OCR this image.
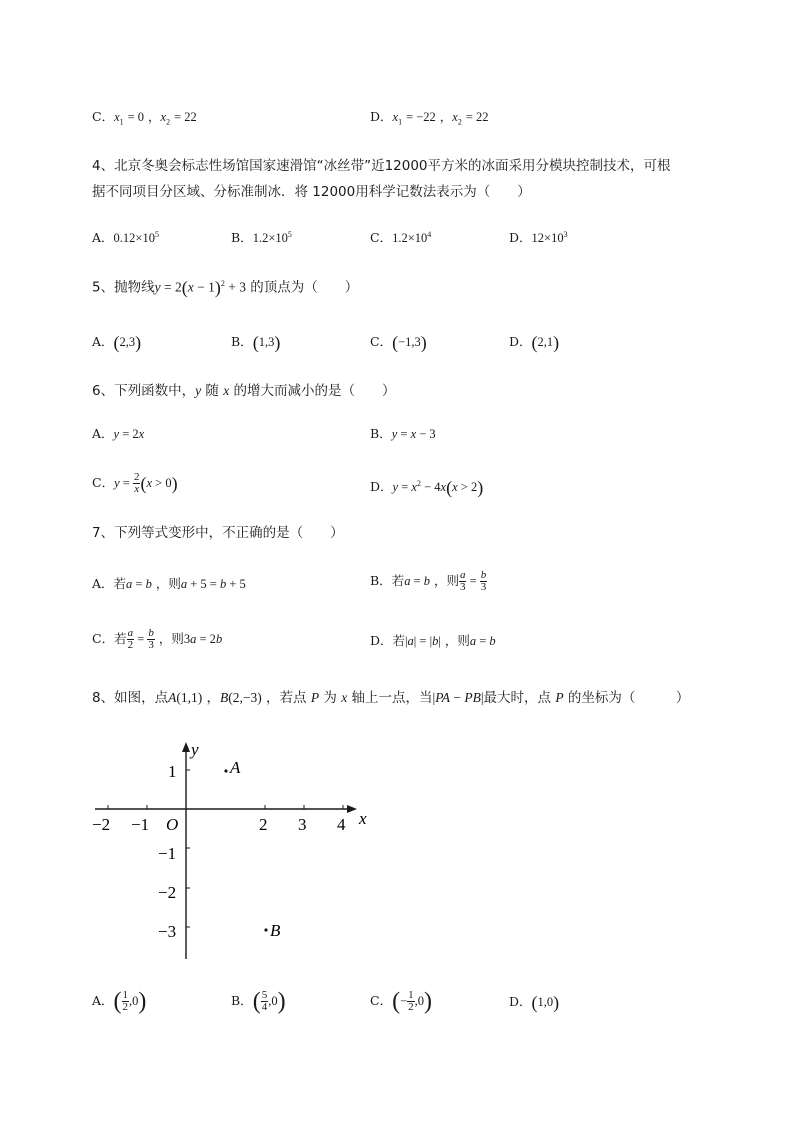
C．$x_1 = 0$ ，$x_2 = 22$	D．$x_1 = -22$ ，$x_2 = 22$
4、北京冬奥会标志性场馆国家速滑馆“冰丝带”近12000平方米的冰面采用分模块控制技术，可根
据不同项目分区域、分标准制冰．将 12000用科学记数法表示为（　　）
A．$0.12\times 10^5$	B．$1.2\times 10^5$	C．$1.2\times 10^4$	D．$12\times 10^3$
5、抛物线$y = 2(x - 1)^2 + 3$ 的顶点为（　　）
A．(2,3)	B．(1,3)	C．(−1,3)	D．(2,1)
6、下列函数中，y 随 x 的增大而减小的是（　　）
A．y = 2x	B．y = x − 3
C．$y = \frac{2}{x} (x > 0)$	D．$y = x^2 - 4x(x > 2)$
7、下列等式变形中，不正确的是（　　）
A．若a = b ，则a + 5 = b + 5	B．若a = b ，则 $\frac{a}{3} = \frac{b}{3}$
C．若 $\frac{a}{2} = \frac{b}{3}$ ，则3a = 2b	D．若|a| = |b| ，则a = b
8、如图，点A(1,1) ，B(2,−3) ，若点 P 为 x 轴上一点，当|PA − PB|最大时，点 P 的坐标为（　　　）
−2 −1	2 3 4
1
−1
−2
−3
O	x
y
A
B
A．( $\frac{1}{2} ,0$)	B．( $\frac{5}{4} ,0$)	C．(− $\frac{1}{2} ,0$)	D．(1,0)
